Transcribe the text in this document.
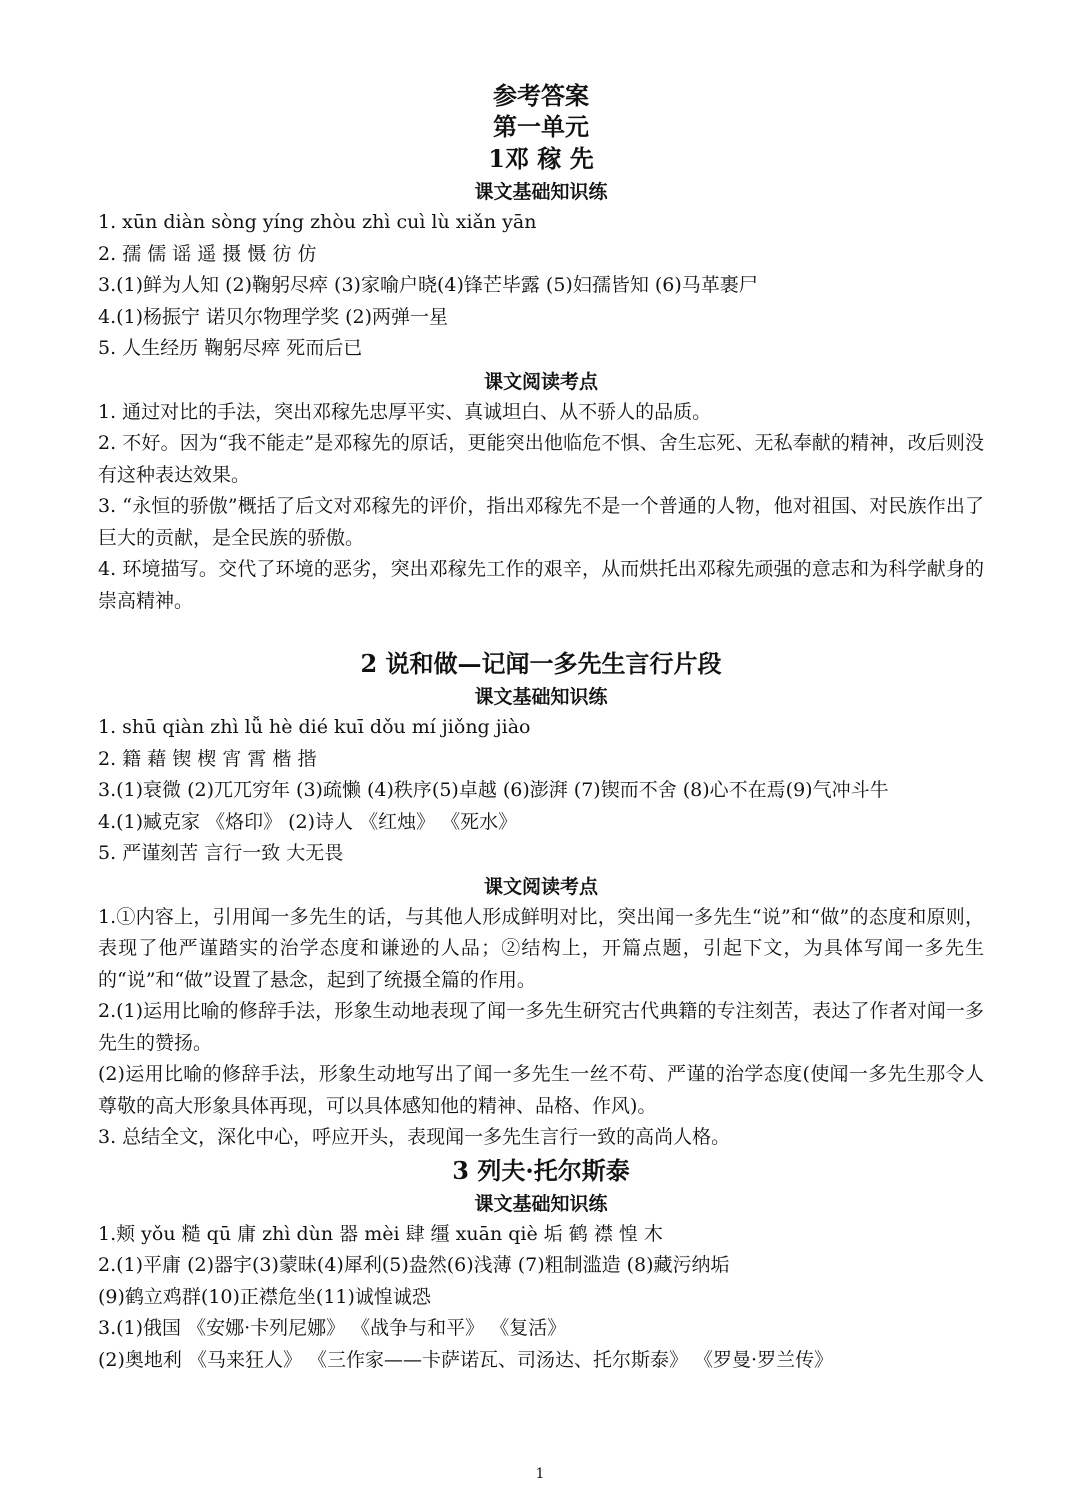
参考答案
第一单元
1邓 稼 先
课文基础知识练
1. xūn diàn sòng yíng zhòu zhì cuì lù xiǎn yān
2. 孺 儒 谣 遥 摄 慑 彷 仿
3.(1)鲜为人知 (2)鞠躬尽瘁 (3)家喻户晓(4)锋芒毕露 (5)妇孺皆知 (6)马革裹尸
4.(1)杨振宁 诺贝尔物理学奖 (2)两弹一星
5. 人生经历 鞠躬尽瘁 死而后已
课文阅读考点
1. 通过对比的手法，突出邓稼先忠厚平实、真诚坦白、从不骄人的品质。
2. 不好。因为“我不能走”是邓稼先的原话，更能突出他临危不惧、舍生忘死、无私奉献的精神，改后则没有这种表达效果。
3. “永恒的骄傲”概括了后文对邓稼先的评价，指出邓稼先不是一个普通的人物，他对祖国、对民族作出了巨大的贡献，是全民族的骄傲。
4. 环境描写。交代了环境的恶劣，突出邓稼先工作的艰辛，从而烘托出邓稼先顽强的意志和为科学献身的崇高精神。
2 说和做—记闻一多先生言行片段
课文基础知识练
1. shū qiàn zhì lǚ hè dié kuī dǒu mí jiǒng jiào
2. 籍 藉 锲 楔 宵 霄 楷 揩
3.(1)衰微 (2)兀兀穷年 (3)疏懒 (4)秩序(5)卓越 (6)澎湃 (7)锲而不舍 (8)心不在焉(9)气冲斗牛
4.(1)臧克家 《烙印》 (2)诗人 《红烛》 《死水》
5. 严谨刻苦 言行一致 大无畏
课文阅读考点
1.①内容上，引用闻一多先生的话，与其他人形成鲜明对比，突出闻一多先生“说”和“做”的态度和原则，表现了他严谨踏实的治学态度和谦逊的人品；②结构上，开篇点题，引起下文，为具体写闻一多先生的“说”和“做”设置了悬念，起到了统摄全篇的作用。
2.(1)运用比喻的修辞手法，形象生动地表现了闻一多先生研究古代典籍的专注刻苦，表达了作者对闻一多先生的赞扬。
(2)运用比喻的修辞手法，形象生动地写出了闻一多先生一丝不苟、严谨的治学态度(使闻一多先生那令人尊敬的高大形象具体再现，可以具体感知他的精神、品格、作风)。
3. 总结全文，深化中心，呼应开头，表现闻一多先生言行一致的高尚人格。
3 列夫·托尔斯泰
课文基础知识练
1.颊 yǒu 糙 qū 庸 zhì dùn 器 mèi 肆 缰 xuān qiè 垢 鹤 襟 惶 木
2.(1)平庸 (2)器宇(3)蒙昧(4)犀利(5)盎然(6)浅薄 (7)粗制滥造 (8)藏污纳垢
(9)鹤立鸡群(10)正襟危坐(11)诚惶诚恐
3.(1)俄国 《安娜·卡列尼娜》 《战争与和平》 《复活》
(2)奥地利 《马来狂人》 《三作家——卡萨诺瓦、司汤达、托尔斯泰》 《罗曼·罗兰传》
1
